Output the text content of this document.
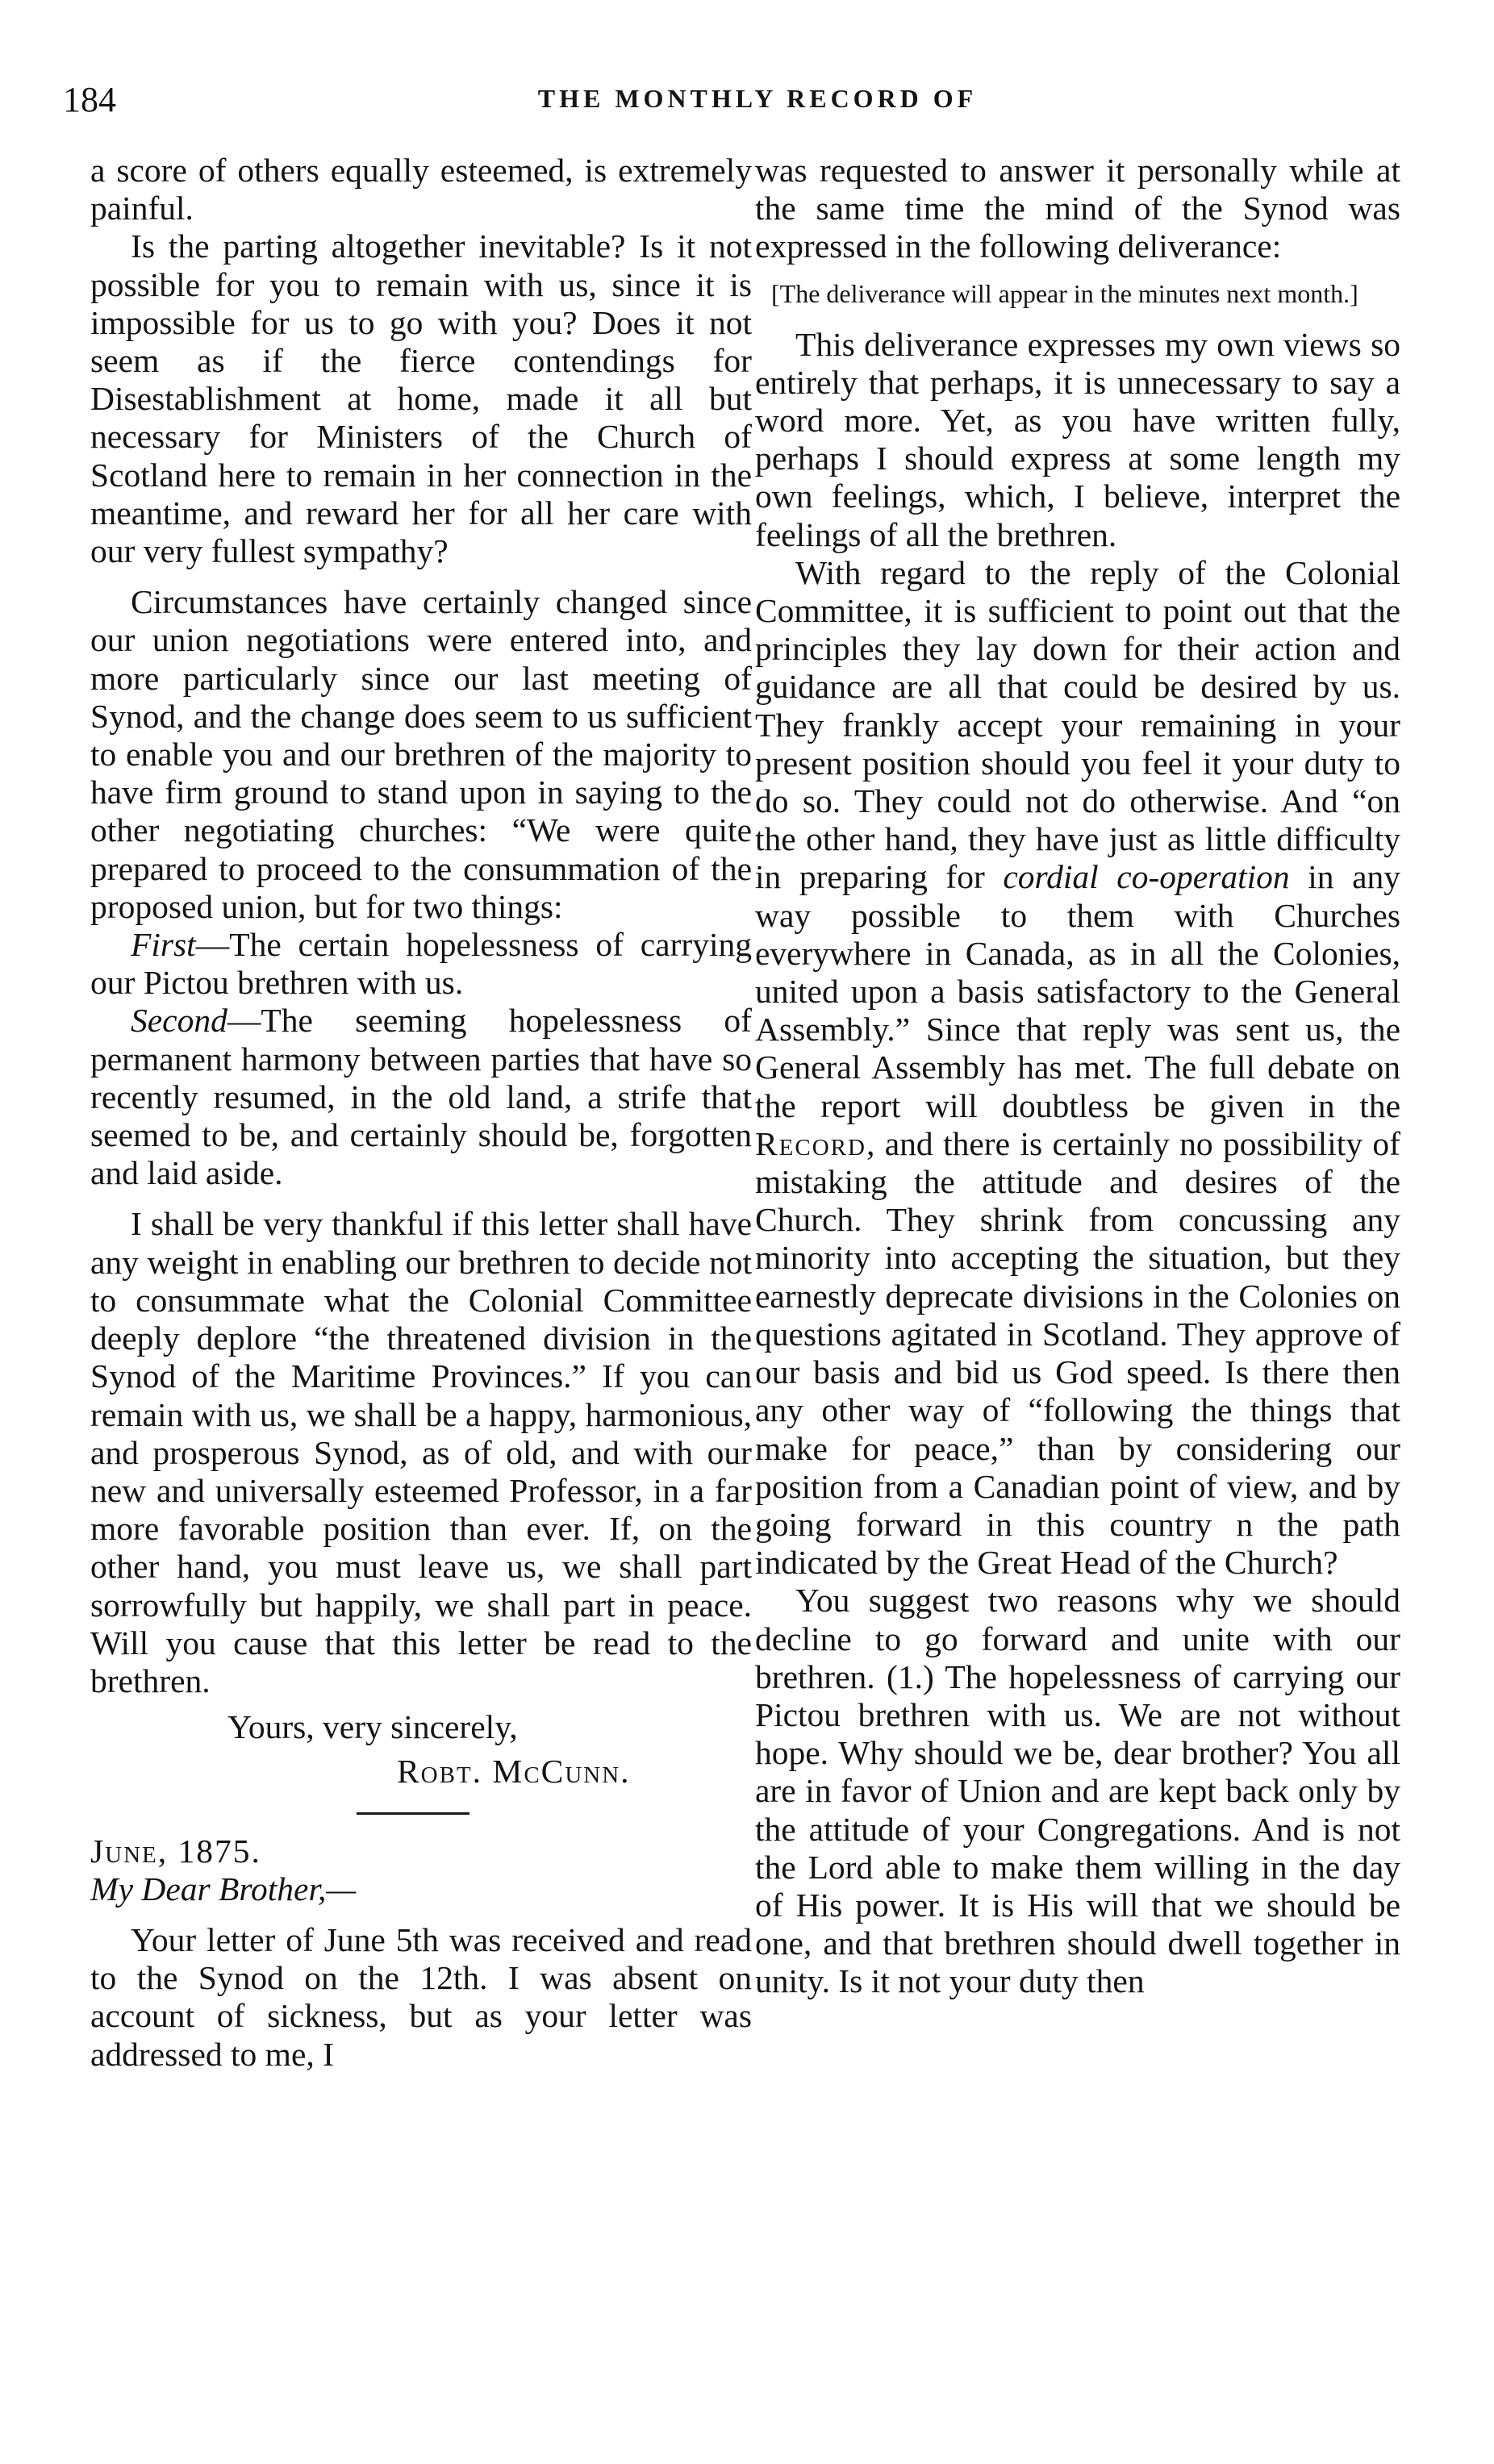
184	THE MONTHLY RECORD OF

a score of others equally esteemed, is extremely painful.

Is the parting altogether inevitable? Is it not possible for you to remain with us, since it is impossible for us to go with you? Does it not seem as if the fierce contendings for Disestablishment at home, made it all but necessary for Ministers of the Church of Scotland here to remain in her connection in the meantime, and reward her for all her care with our very fullest sympathy?

Circumstances have certainly changed since our union negotiations were entered into, and more particularly since our last meeting of Synod, and the change does seem to us sufficient to enable you and our brethren of the majority to have firm ground to stand upon in saying to the other negotiating churches: “We were quite prepared to proceed to the consummation of the proposed union, but for two things:

First—The certain hopelessness of carrying our Pictou brethren with us.

Second—The seeming hopelessness of permanent harmony between parties that have so recently resumed, in the old land, a strife that seemed to be, and certainly should be, forgotten and laid aside.

I shall be very thankful if this letter shall have any weight in enabling our brethren to decide not to consummate what the Colonial Committee deeply deplore “the threatened division in the Synod of the Maritime Provinces.” If you can remain with us, we shall be a happy, harmonious, and prosperous Synod, as of old, and with our new and universally esteemed Professor, in a far more favorable position than ever. If, on the other hand, you must leave us, we shall part sorrowfully but happily, we shall part in peace. Will you cause that this letter be read to the brethren.

Yours, very sincerely,

Robt. McCunn.

June, 1875.

My Dear Brother,—

Your letter of June 5th was received and read to the Synod on the 12th. I was absent on account of sickness, but as your letter was addressed to me, I

was requested to answer it personally while at the same time the mind of the Synod was expressed in the following deliverance:

[The deliverance will appear in the minutes next month.]

This deliverance expresses my own views so entirely that perhaps, it is unnecessary to say a word more. Yet, as you have written fully, perhaps I should express at some length my own feelings, which, I believe, interpret the feelings of all the brethren.

With regard to the reply of the Colonial Committee, it is sufficient to point out that the principles they lay down for their action and guidance are all that could be desired by us. They frankly accept your remaining in your present position should you feel it your duty to do so. They could not do otherwise. And “on the other hand, they have just as little difficulty in preparing for cordial co-operation in any way possible to them with Churches everywhere in Canada, as in all the Colonies, united upon a basis satisfactory to the General Assembly.” Since that reply was sent us, the General Assembly has met. The full debate on the report will doubtless be given in the Record, and there is certainly no possibility of mistaking the attitude and desires of the Church. They shrink from concussing any minority into accepting the situation, but they earnestly deprecate divisions in the Colonies on questions agitated in Scotland. They approve of our basis and bid us God speed. Is there then any other way of “following the things that make for peace,” than by considering our position from a Canadian point of view, and by going forward in this country n the path indicated by the Great Head of the Church?

You suggest two reasons why we should decline to go forward and unite with our brethren. (1.) The hopelessness of carrying our Pictou brethren with us. We are not without hope. Why should we be, dear brother? You all are in favor of Union and are kept back only by the attitude of your Congregations. And is not the Lord able to make them willing in the day of His power. It is His will that we should be one, and that brethren should dwell together in unity. Is it not your duty then
